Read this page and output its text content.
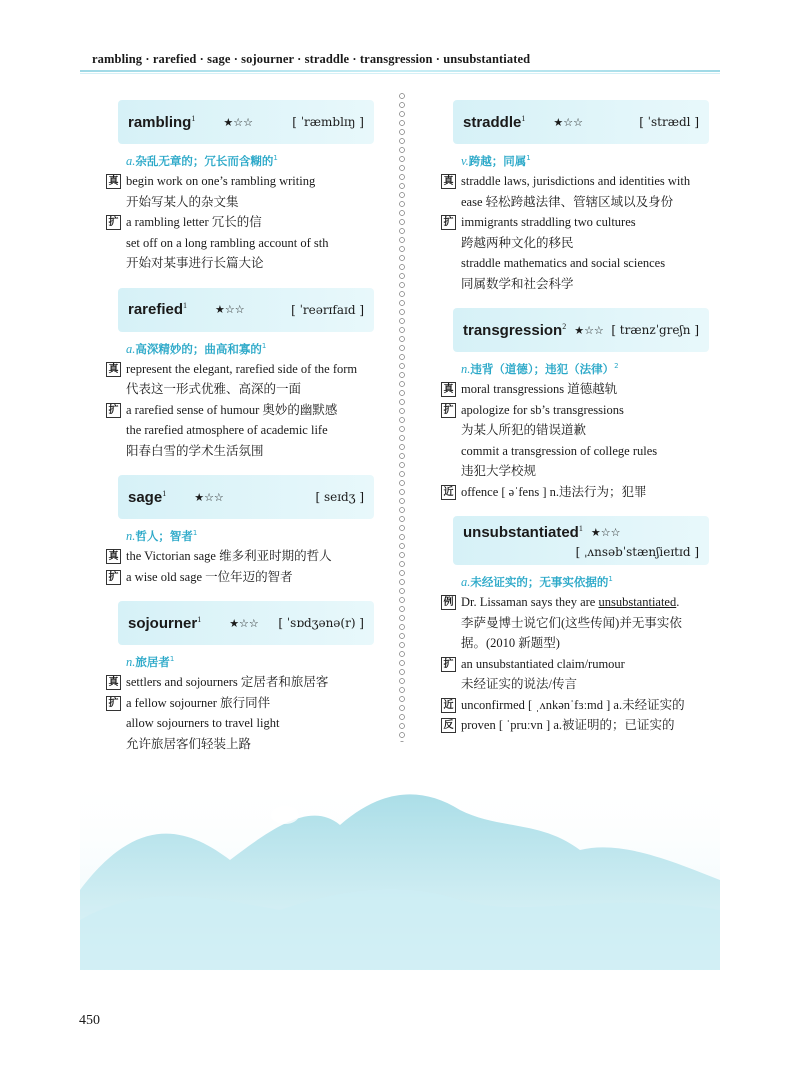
rambling · rarefied · sage · sojourner · straddle · transgression · unsubstantiated
rambling$^1$	★☆☆	[ ˈræmblɪŋ ]
a.杂乱无章的；冗长而含糊的$^1$
真 begin work on one’s rambling writing
开始写某人的杂文集
扩 a rambling letter 冗长的信
set off on a long rambling account of sth
开始对某事进行长篇大论
rarefied$^1$	★☆☆	[ ˈreərɪfaɪd ]
a.高深精妙的；曲高和寡的$^1$
真 represent the elegant, rarefied side of the form
代表这一形式优雅、高深的一面
扩 a rarefied sense of humour 奥妙的幽默感
the rarefied atmosphere of academic life
阳春白雪的学术生活氛围
sage$^1$	★☆☆	[ seɪdʒ ]
n.哲人；智者$^1$
真 the Victorian sage 维多利亚时期的哲人
扩 a wise old sage 一位年迈的智者
sojourner$^1$	★☆☆ [ ˈsɒdʒənə(r) ]
n.旅居者$^1$
真 settlers and sojourners 定居者和旅居客
扩 a fellow sojourner 旅行同伴
allow sojourners to travel light
允许旅居客们轻装上路
straddle$^1$	★☆☆	[ ˈstrædl ]
v.跨越；同属$^1$
真 straddle laws, jurisdictions and identities with
ease 轻松跨越法律、管辖区域以及身份
扩 immigrants straddling two cultures
跨越两种文化的移民
straddle mathematics and social sciences
同属数学和社会科学
transgression$^2$ ★☆☆ [ trænzˈgreʃn ]
n.违背（道德）；违犯（法律）$^2$
真 moral transgressions 道德越轨
扩 apologize for sb’s transgressions
为某人所犯的错误道歉
commit a transgression of college rules
违犯大学校规
近 offence [ əˈfens ] n.违法行为；犯罪
unsubstantiated$^1$ ★☆☆
[ ˌʌnsəbˈstænʃieɪtɪd ]
a.未经证实的；无事实依据的$^1$
例 Dr. Lissaman says they are unsubstantiated.
李萨曼博士说它们(这些传闻)并无事实依
据。(2010 新题型)
扩 an unsubstantiated claim/rumour
未经证实的说法/传言
近 unconfirmed [ ˌʌnkənˈfɜːmd ] a.未经证实的
反 proven [ ˈpruːvn ] a.被证明的；已证实的
450
